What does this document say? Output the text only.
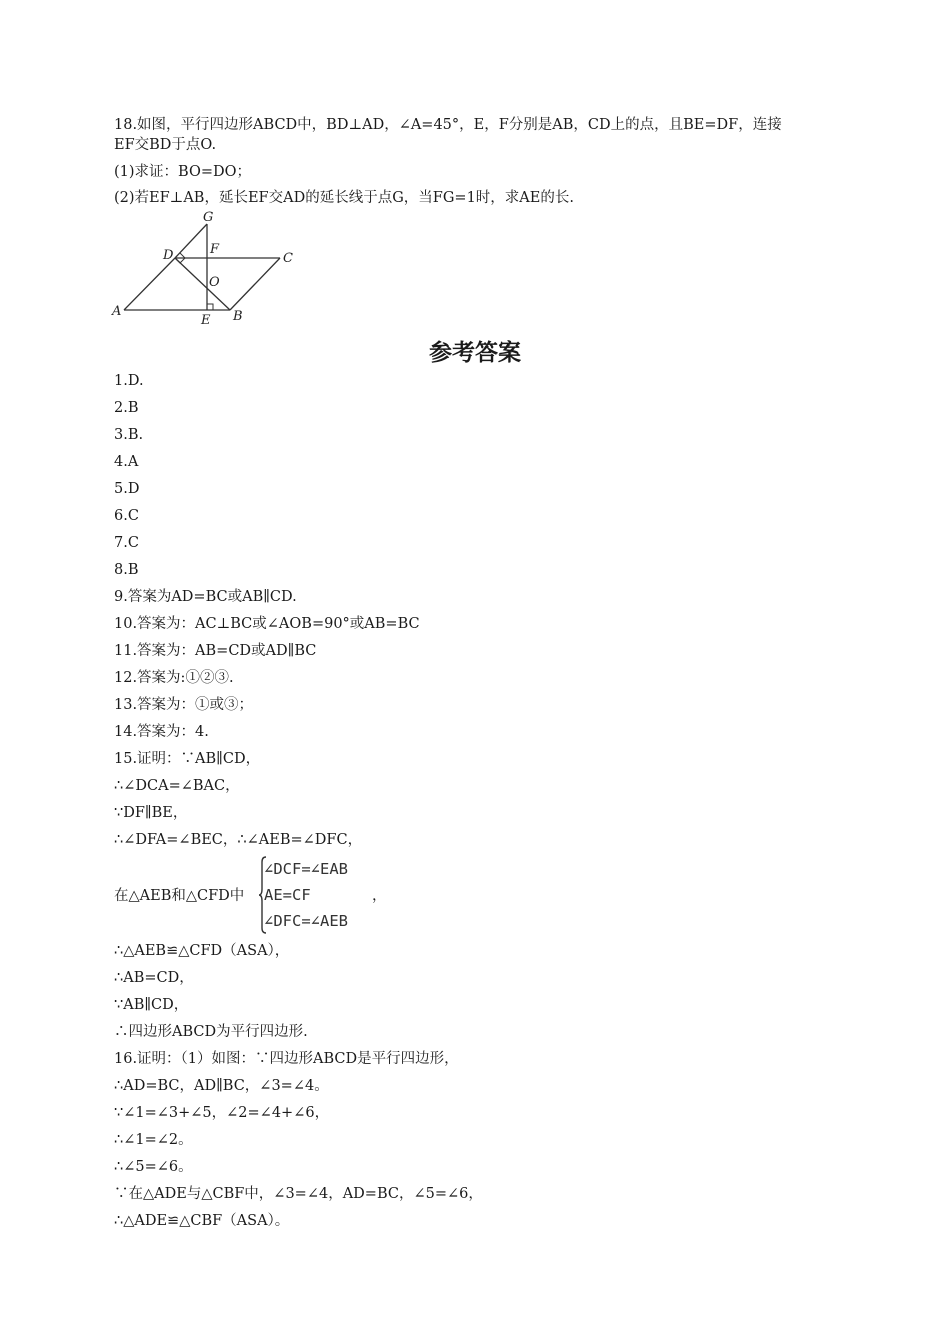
18.如图，平行四边形ABCD中，BD⊥AD，∠A=45°，E，F分别是AB，CD上的点，且BE=DF，连接
EF交BD于点O.
(1)求证：BO=DO；
(2)若EF⊥AB，延长EF交AD的延长线于点G，当FG=1时，求AE的长.
G
D	F
C
O
A
E B
参考答案
1.D.
2.B
3.B.
4.A
5.D
6.C
7.C
8.B
9.答案为AD=BC或AB∥CD.
10.答案为：AC⊥BC或∠AOB=90°或AB=BC
11.答案为：AB=CD或AD∥BC
12.答案为:①②③.
13.答案为：①或③；
14.答案为：4.
15.证明：∵AB∥CD，
∴∠DCA=∠BAC，
∵DF∥BE，
∴∠DFA=∠BEC，∴∠AEB=∠DFC，
在△AEB和△CFD中
∠DCF=∠EAB
AE=CF
∠DFC=∠AEB
，
∴△AEB≌△CFD（ASA），
∴AB=CD，
∵AB∥CD，
∴四边形ABCD为平行四边形.
16.证明：（1）如图：∵四边形ABCD是平行四边形，
∴AD=BC，AD∥BC，∠3=∠4。
∵∠1=∠3+∠5，∠2=∠4+∠6，
∴∠1=∠2。
∴∠5=∠6。
∵在△ADE与△CBF中，∠3=∠4，AD=BC，∠5=∠6，
∴△ADE≌△CBF（ASA）。
